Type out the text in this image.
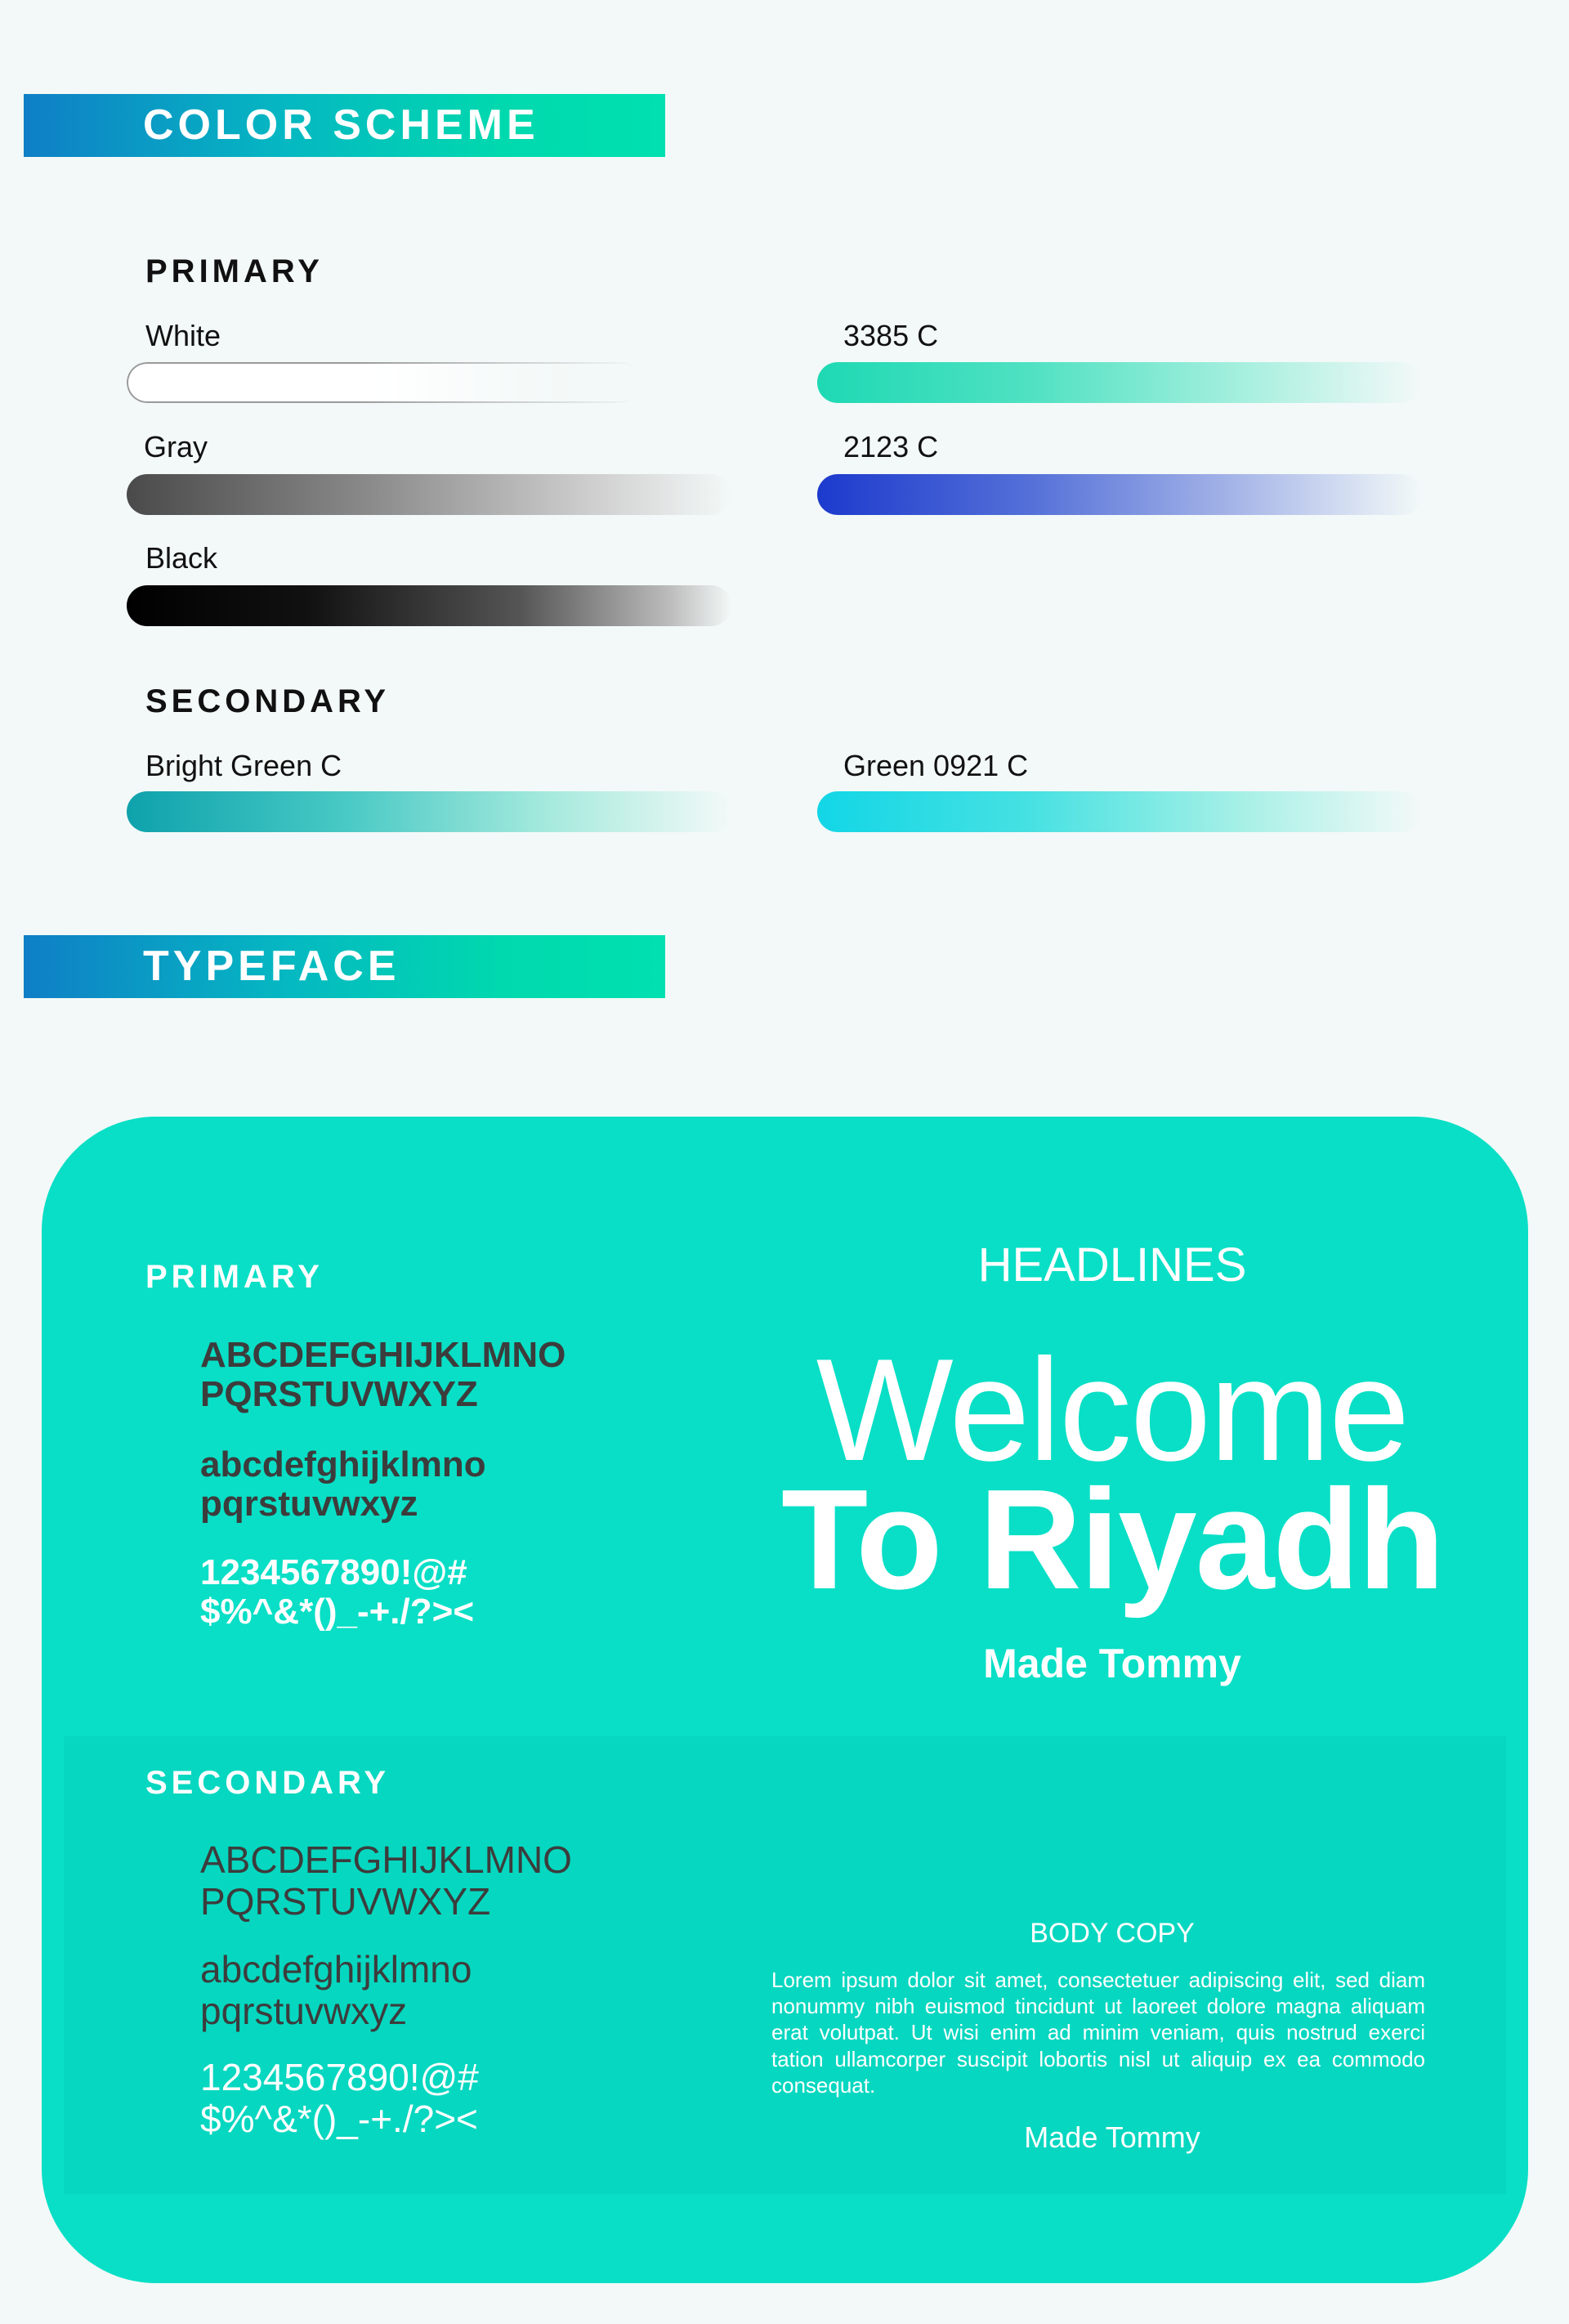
COLOR SCHEME
PRIMARY
White
Gray
Black
3385 C
2123 C
SECONDARY
Bright Green C	Green 0921 C
TYPEFACE
PRIMARY
ABCDEFGHIJKLMNO
PQRSTUVWXYZ
abcdefghijklmno
pqrstuvwxyz
1234567890!@#
$%^&*()_-+./?><
HEADLINES
Welcome
To Riyadh
Made Tommy
SECONDARY
ABCDEFGHIJKLMNO
PQRSTUVWXYZ
abcdefghijklmno
pqrstuvwxyz
1234567890!@#
$%^&*()_-+./?><
BODY COPY
Lorem ipsum dolor sit amet, consectetuer adipiscing elit, sed diam nonummy nibh euismod tincidunt ut laoreet dolore magna aliquam erat volutpat. Ut wisi enim ad minim veniam, quis nostrud exerci tation ullamcorper suscipit lobortis nisl ut aliquip ex ea commodo consequat.
Made Tommy
